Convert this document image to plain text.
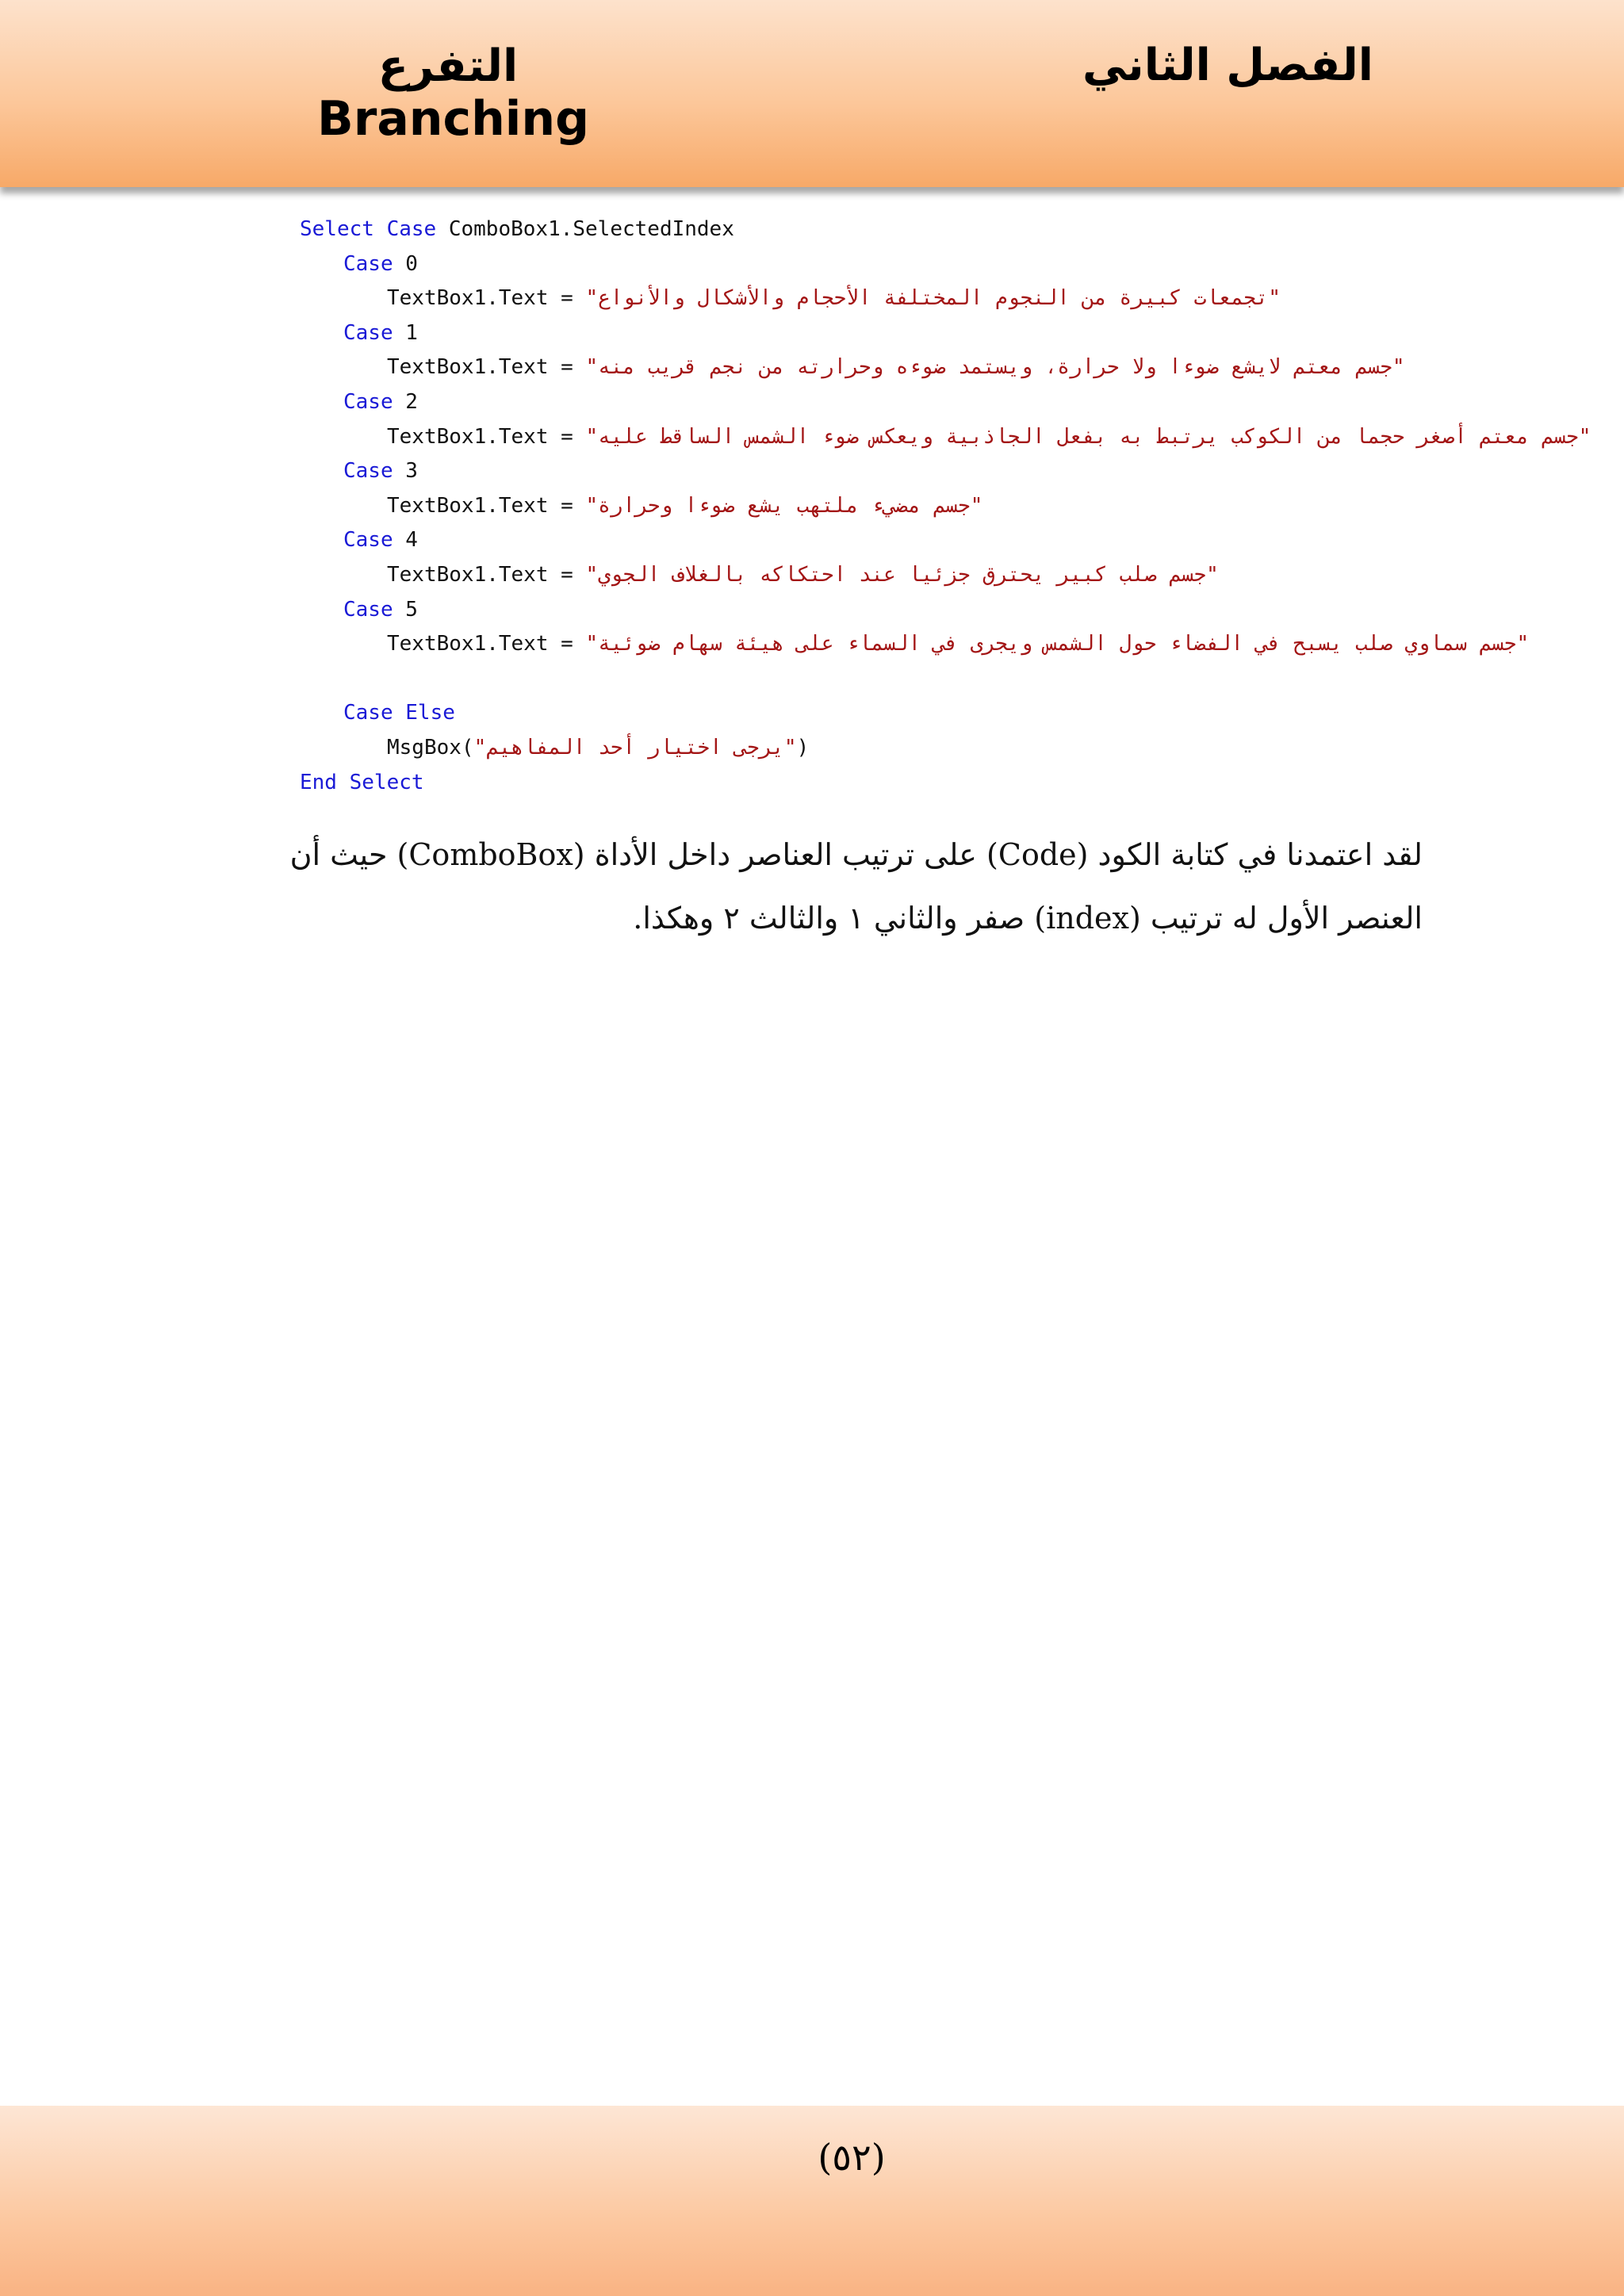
الفصل الثاني
التفرع
Branching
Select Case ComboBox1.SelectedIndex
Case 0
TextBox1.Text = "تجمعات كبيرة من النجوم المختلفة الأحجام والأشكال والأنواع"
Case 1
TextBox1.Text = "جسم معتم لايشع ضوءا ولا حرارة، ويستمد ضوءه وحرارته من نجم قريب منه"
Case 2
TextBox1.Text = "جسم معتم أصغر حجما من الكوكب يرتبط به بفعل الجاذبية ويعكس ضوء الشمس الساقط عليه"
Case 3
TextBox1.Text = "جسم مضيء ملتهب يشع ضوءا وحرارة"
Case 4
TextBox1.Text = "جسم صلب كبير يحترق جزئيا عند احتكاكه بالغلاف الجوي"
Case 5
TextBox1.Text = "جسم سماوي صلب يسبح في الفضاء حول الشمس ويجرى في السماء على هيئة سهام ضوئية"
Case Else
MsgBox("يرجى اختيار أحد المفاهيم")
End Select
لقد اعتمدنا في كتابة الكود (Code) على ترتيب العناصر داخل الأداة (ComboBox) حيث أن
العنصر الأول له ترتيب (index) صفر والثاني ١ والثالث ٢ وهكذا.
(٥٢)
